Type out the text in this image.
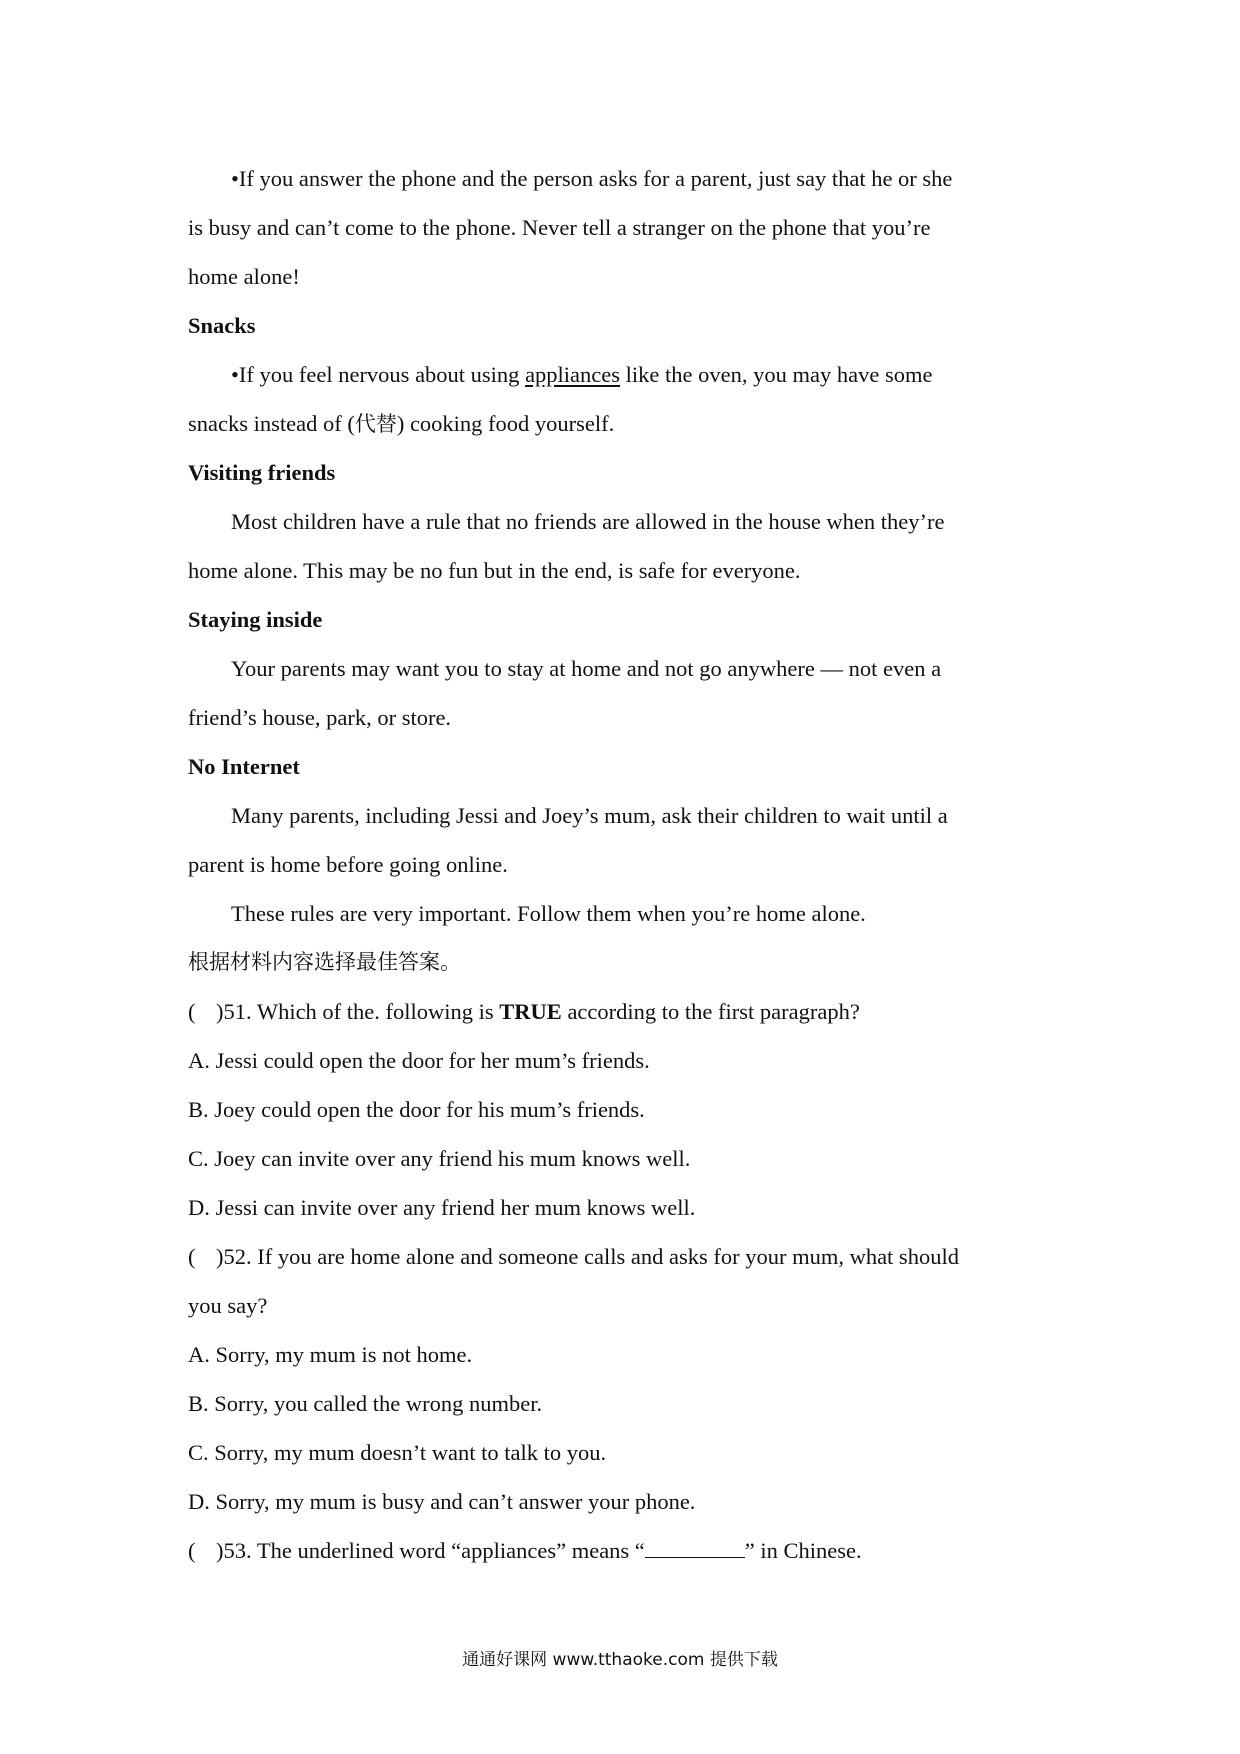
•If you answer the phone and the person asks for a parent, just say that he or she
is busy and can’t come to the phone. Never tell a stranger on the phone that you’re
home alone!
Snacks
•If you feel nervous about using appliances like the oven, you may have some
snacks instead of (代替) cooking food yourself.
Visiting friends
Most children have a rule that no friends are allowed in the house when they’re
home alone. This may be no fun but in the end, is safe for everyone.
Staying inside
Your parents may want you to stay at home and not go anywhere — not even a
friend’s house, park, or store.
No Internet
Many parents, including Jessi and Joey’s mum, ask their children to wait until a
parent is home before going online.
These rules are very important. Follow them when you’re home alone.
根据材料内容选择最佳答案。
( )51. Which of the. following is TRUE according to the first paragraph?
A. Jessi could open the door for her mum’s friends.
B. Joey could open the door for his mum’s friends.
C. Joey can invite over any friend his mum knows well.
D. Jessi can invite over any friend her mum knows well.
( )52. If you are home alone and someone calls and asks for your mum, what should
you say?
A. Sorry, my mum is not home.
B. Sorry, you called the wrong number.
C. Sorry, my mum doesn’t want to talk to you.
D. Sorry, my mum is busy and can’t answer your phone.
( )53. The underlined word “appliances” means “	” in Chinese.
通通好课网 www.tthaoke.com 提供下载
